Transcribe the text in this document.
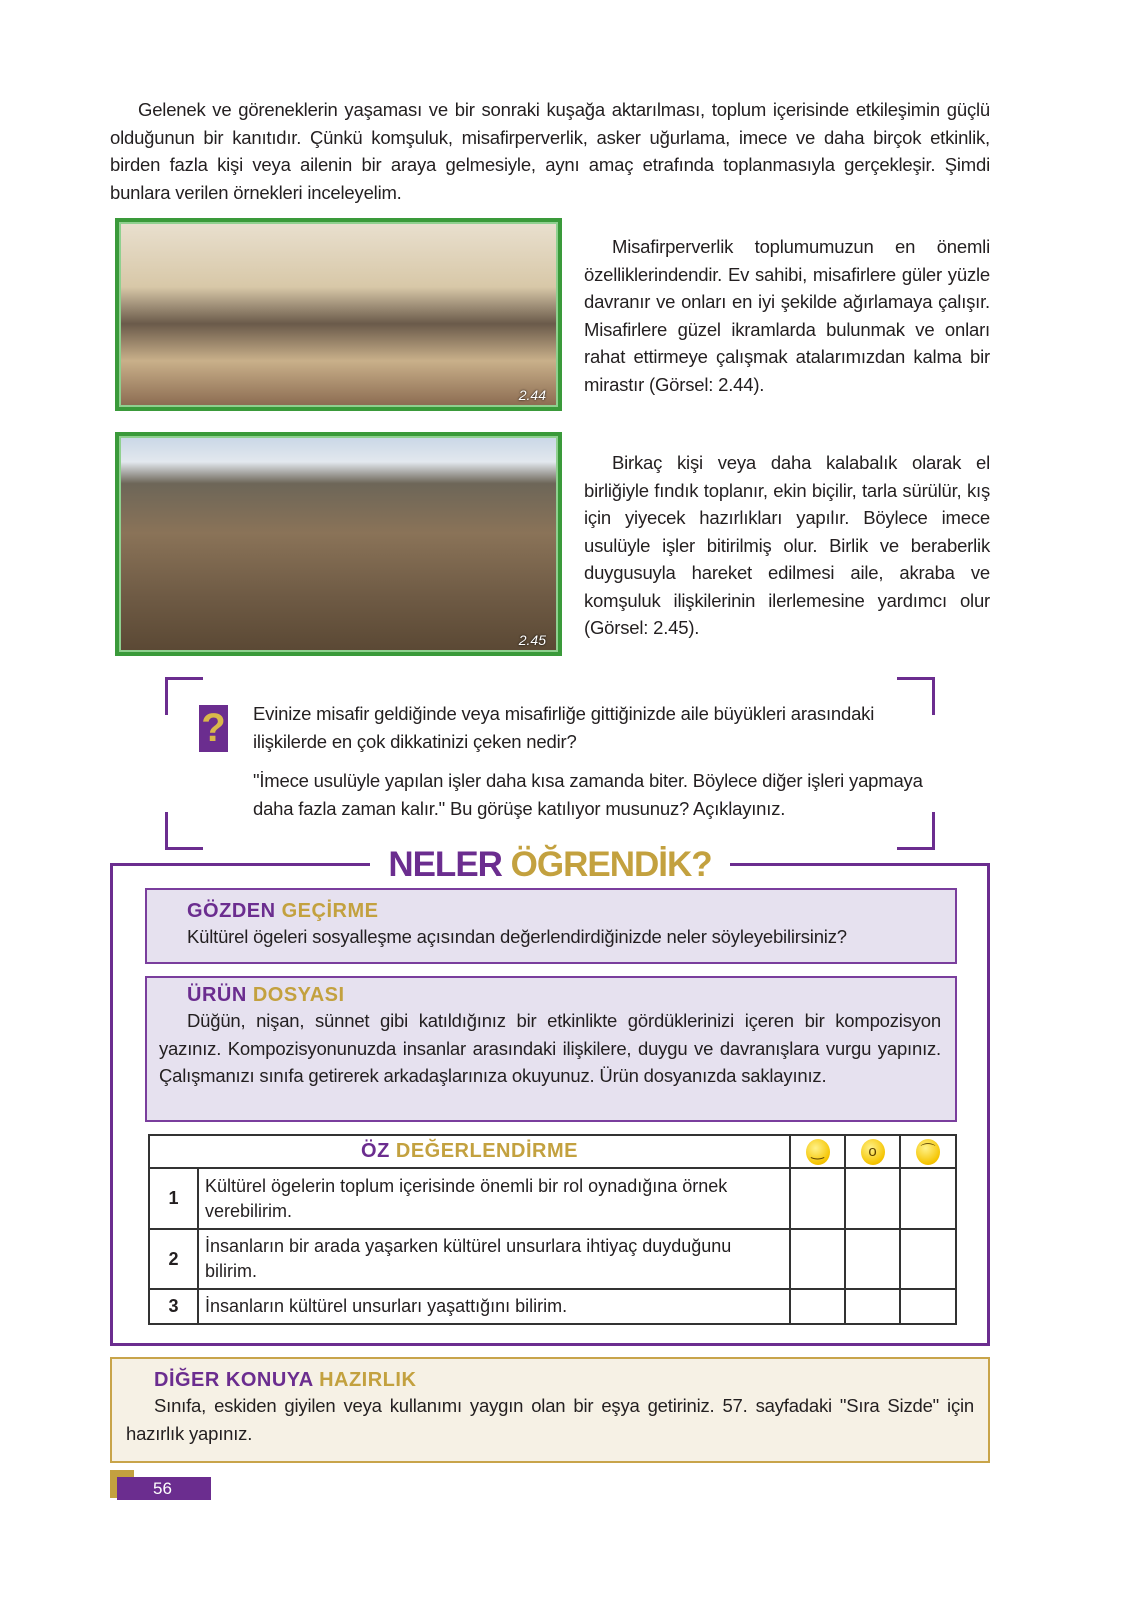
Gelenek ve göreneklerin yaşaması ve bir sonraki kuşağa aktarılması, toplum içerisinde etkileşimin güçlü olduğunun bir kanıtıdır. Çünkü komşuluk, misafirperverlik, asker uğurlama, imece ve daha birçok etkinlik, birden fazla kişi veya ailenin bir araya gelmesiyle, aynı amaç etrafında toplanmasıyla gerçekleşir. Şimdi bunlara verilen örnekleri inceleyelim.

2.44

Misafirperverlik toplumumuzun en önemli özelliklerindendir. Ev sahibi, misafirlere güler yüzle davranır ve onları en iyi şekilde ağırlamaya çalışır. Misafirlere güzel ikramlarda bulunmak ve onları rahat ettirmeye çalışmak atalarımızdan kalma bir mirastır (Görsel: 2.44).

2.45

Birkaç kişi veya daha kalabalık olarak el birliğiyle fındık toplanır, ekin biçilir, tarla sürülür, kış için yiyecek hazırlıkları yapılır. Böylece imece usulüyle işler bitirilmiş olur. Birlik ve beraberlik duygusuyla hareket edilmesi aile, akraba ve komşuluk ilişkilerinin ilerlemesine yardımcı olur (Görsel: 2.45).

? Evinize misafir geldiğinde veya misafirliğe gittiğinizde aile büyükleri arasındaki ilişkilerde en çok dikkatinizi çeken nedir?

"İmece usulüyle yapılan işler daha kısa zamanda biter. Böylece diğer işleri yapmaya daha fazla zaman kalır." Bu görüşe katılıyor musunuz? Açıklayınız.

NELER ÖĞRENDİK?
GÖZDEN GEÇİRME

Kültürel ögeleri sosyalleşme açısından değerlendirdiğinizde neler söyleyebilirsiniz?

ÜRÜN DOSYASI

Düğün, nişan, sünnet gibi katıldığınız bir etkinlikte gördüklerinizi içeren bir kompozisyon yazınız. Kompozisyonunuzda insanlar arasındaki ilişkilere, duygu ve davranışlara vurgu yapınız. Çalışmanızı sınıfa getirerek arkadaşlarınıza okuyunuz. Ürün dosyanızda saklayınız.

ÖZ DEĞERLENDİRME		‿	o	⌒
1	Kültürel ögelerin toplum içerisinde önemli bir rol oynadığına örnek verebilirim.			
2	İnsanların bir arada yaşarken kültürel unsurlara ihtiyaç duyduğunu bilirim.			
3	İnsanların kültürel unsurları yaşattığını bilirim.			
DİĞER KONUYA HAZIRLIK

Sınıfa, eskiden giyilen veya kullanımı yaygın olan bir eşya getiriniz. 57. sayfadaki "Sıra Sizde" için hazırlık yapınız.

56
